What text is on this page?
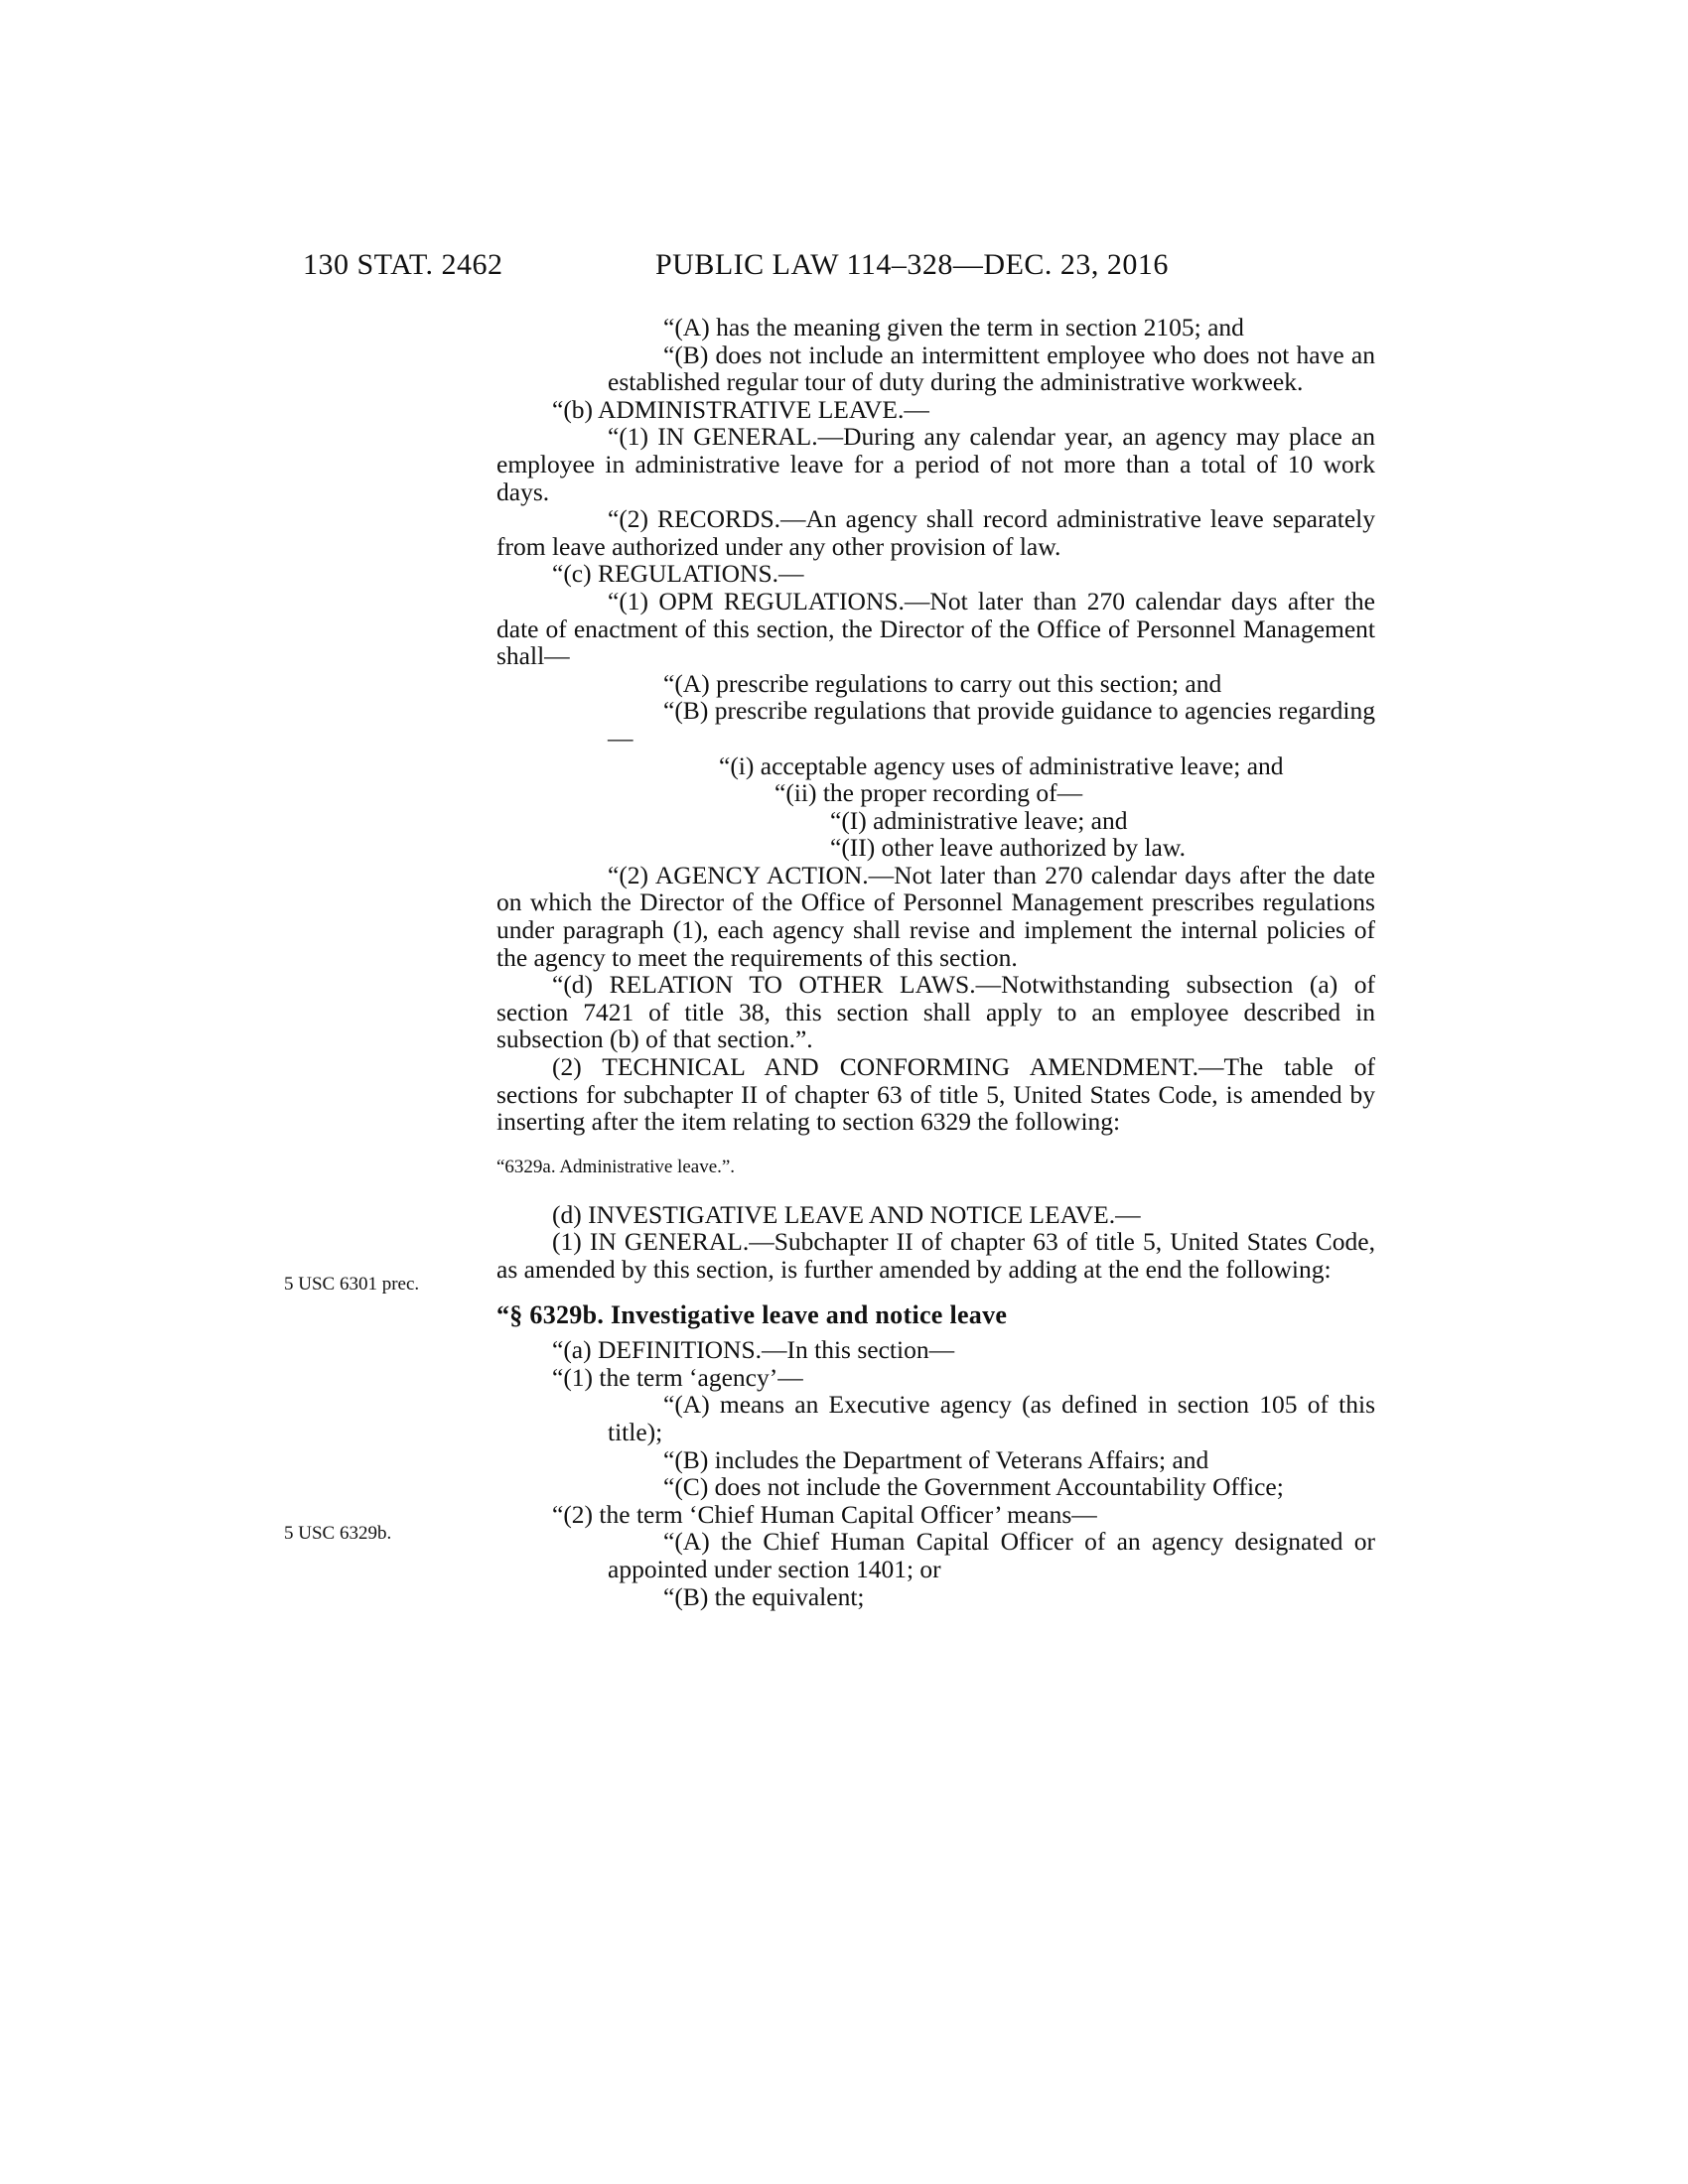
130 STAT. 2462	PUBLIC LAW 114–328—DEC. 23, 2016
5 USC 6301 prec.
5 USC 6329b.

“(A) has the meaning given the term in section 2105; and

“(B) does not include an intermittent employee who does not have an established regular tour of duty during the administrative workweek.

“(b) ADMINISTRATIVE LEAVE.—

“(1) IN GENERAL.—During any calendar year, an agency may place an employee in administrative leave for a period of not more than a total of 10 work days.

“(2) RECORDS.—An agency shall record administrative leave separately from leave authorized under any other provision of law.

“(c) REGULATIONS.—

“(1) OPM REGULATIONS.—Not later than 270 calendar days after the date of enactment of this section, the Director of the Office of Personnel Management shall—

“(A) prescribe regulations to carry out this section; and

“(B) prescribe regulations that provide guidance to agencies regarding—

“(i) acceptable agency uses of administrative leave; and

“(ii) the proper recording of—

“(I) administrative leave; and

“(II) other leave authorized by law.

“(2) AGENCY ACTION.—Not later than 270 calendar days after the date on which the Director of the Office of Personnel Management prescribes regulations under paragraph (1), each agency shall revise and implement the internal policies of the agency to meet the requirements of this section.

“(d) RELATION TO OTHER LAWS.—Notwithstanding subsection (a) of section 7421 of title 38, this section shall apply to an employee described in subsection (b) of that section.”.

(2) TECHNICAL AND CONFORMING AMENDMENT.—The table of sections for subchapter II of chapter 63 of title 5, United States Code, is amended by inserting after the item relating to section 6329 the following:

“6329a. Administrative leave.”.

(d) INVESTIGATIVE LEAVE AND NOTICE LEAVE.—

(1) IN GENERAL.—Subchapter II of chapter 63 of title 5, United States Code, as amended by this section, is further amended by adding at the end the following:

“§ 6329b. Investigative leave and notice leave

“(a) DEFINITIONS.—In this section—

“(1) the term ‘agency’—

“(A) means an Executive agency (as defined in section 105 of this title);

“(B) includes the Department of Veterans Affairs; and

“(C) does not include the Government Accountability Office;

“(2) the term ‘Chief Human Capital Officer’ means—

“(A) the Chief Human Capital Officer of an agency designated or appointed under section 1401; or

“(B) the equivalent;
